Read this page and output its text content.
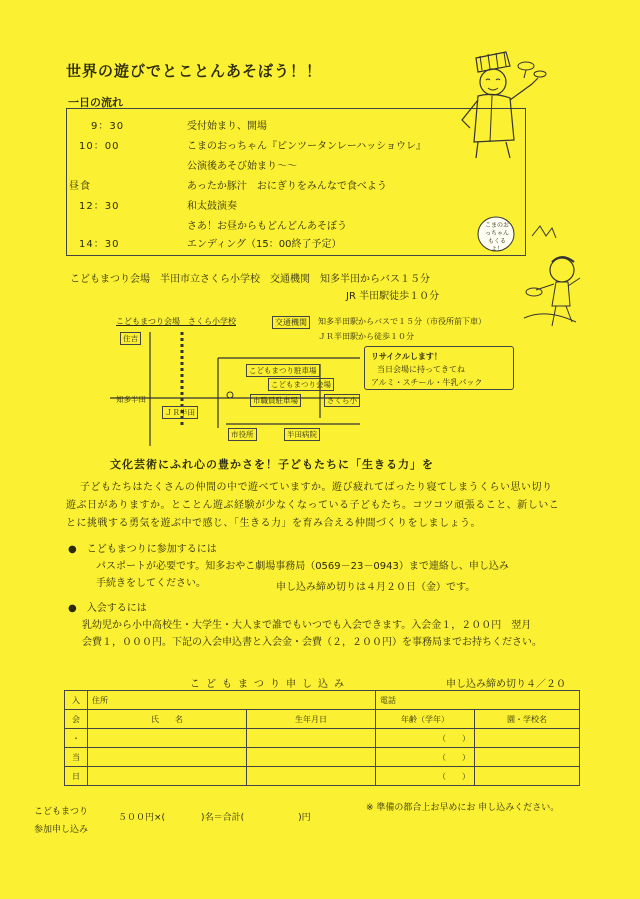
世界の遊びでとことんあそぼう！！
一日の流れ
9：30	受付始まり、開場
10：00	こまのおっちゃん『ピンツータンレーハッショウレ』
公演後あそび始まり～～
昼食	あったか豚汁　おにぎりをみんなで食べよう
12：30	和太鼓演奏
さあ！お昼からもどんどんあそぼう
14：30	エンディング（15：00終了予定）
こまのおっちゃんもくるよ！
こどもまつり会場　半田市立さくら小学校　交通機関　知多半田からバス１５分
JR 半田駅徒歩１０分
こどもまつり会場　さくら小学校	交通機関	知多半田駅からバスで１５分（市役所前下車）
ＪＲ半田駅から徒歩１０分
住吉
知多半田
ＪＲ半田
こどもまつり駐車場
こどもまつり会場
市職員駐車場	さくら小
市役所	半田病院
リサイクルします！
当日会場に持ってきてね
アルミ・スチール・牛乳パック
文化芸術にふれ心の豊かさを！子どもたちに「生きる力」を
子どもたちはたくさんの仲間の中で遊べていますか。遊び疲れてばったり寝てしまうくらい思い切り
遊ぶ日がありますか。とことん遊ぶ経験が少なくなっている子どもたち。コツコツ頑張ること、新しいこ
とに挑戦する勇気を遊ぶ中で感じ、「生きる力」を育み合える仲間づくりをしましょう。
●　こどもまつりに参加するには
パスポートが必要です。知多おやこ劇場事務局（0569－23－0943）まで連絡し、申し込み
手続きをしてください。	申し込み締め切りは４月２０日（金）です。
●　入会するには
乳幼児から小中高校生・大学生・大人まで誰でもいつでも入会できます。入会金１，２００円　翌月
会費１，０００円。下記の入会申込書と入会金・会費（２，２００円）を事務局までお持ちください。
こどもまつり申し込み	申し込み締め切り４／２０
入	住所		電話	
会	氏　　名	生年月日	年齢（学年）	園・学校名
・			（　　）	
当			（　　）	
日			（　　）	
こどもまつり
参加申し込み
５００円×(　　　　)名＝合計(　　　　　　)円
※ 準備の都合上お早めにお 申し込みください。
